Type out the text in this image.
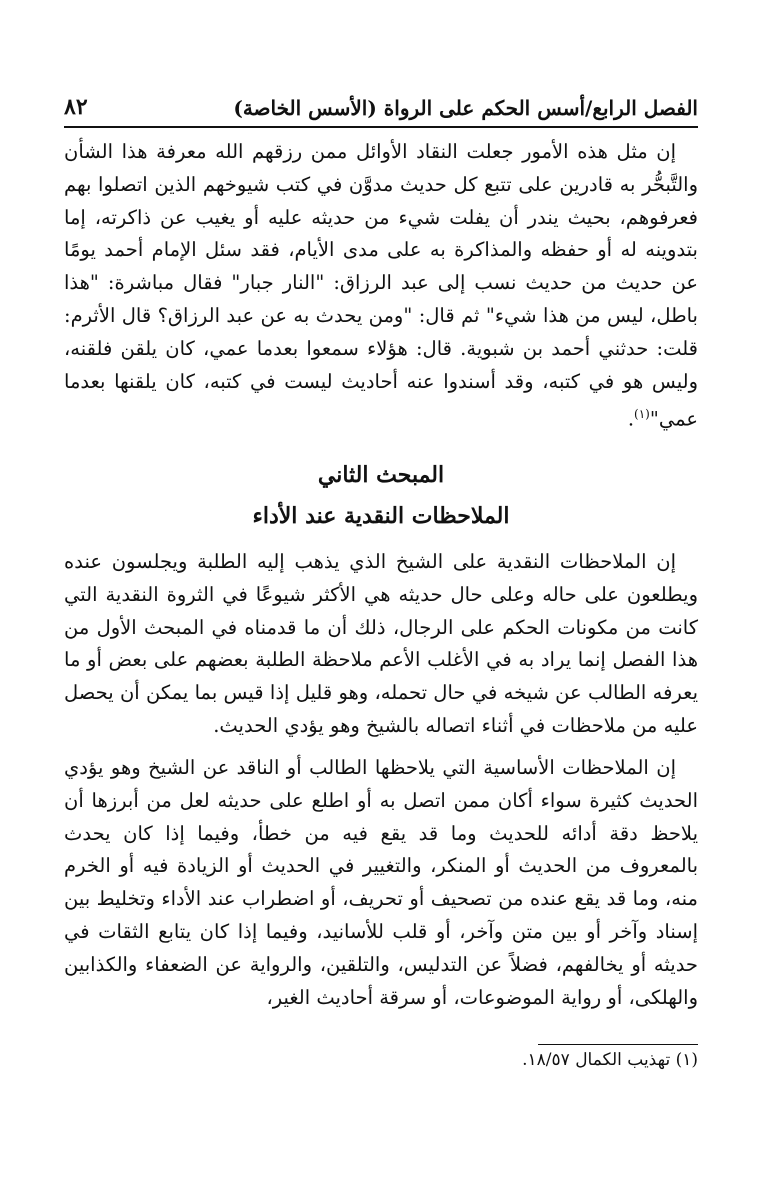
الفصل الرابع/أسس الحكم على الرواة (الأسس الخاصة)
٨٢

إن مثل هذه الأمور جعلت النقاد الأوائل ممن رزقهم الله معرفة هذا الشأن والتَّبحُّر به قادرين على تتبع كل حديث مدوَّن في كتب شيوخهم الذين اتصلوا بهم فعرفوهم، بحيث يندر أن يفلت شيء من حديثه عليه أو يغيب عن ذاكرته، إما بتدوينه له أو حفظه والمذاكرة به على مدى الأيام، فقد سئل الإمام أحمد يومًا عن حديث من حديث نسب إلى عبد الرزاق: "النار جبار" فقال مباشرة: "هذا باطل، ليس من هذا شيء" ثم قال: "ومن يحدث به عن عبد الرزاق؟ قال الأثرم: قلت: حدثني أحمد بن شبوية. قال: هؤلاء سمعوا بعدما عمي، كان يلقن فلقنه، وليس هو في كتبه، وقد أسندوا عنه أحاديث ليست في كتبه، كان يلقنها بعدما عمي"$^{(١)}$.

المبحث الثاني
الملاحظات النقدية عند الأداء

إن الملاحظات النقدية على الشيخ الذي يذهب إليه الطلبة ويجلسون عنده ويطلعون على حاله وعلى حال حديثه هي الأكثر شيوعًا في الثروة النقدية التي كانت من مكونات الحكم على الرجال، ذلك أن ما قدمناه في المبحث الأول من هذا الفصل إنما يراد به في الأغلب الأعم ملاحظة الطلبة بعضهم على بعض أو ما يعرفه الطالب عن شيخه في حال تحمله، وهو قليل إذا قيس بما يمكن أن يحصل عليه من ملاحظات في أثناء اتصاله بالشيخ وهو يؤدي الحديث.

إن الملاحظات الأساسية التي يلاحظها الطالب أو الناقد عن الشيخ وهو يؤدي الحديث كثيرة سواء أكان ممن اتصل به أو اطلع على حديثه لعل من أبرزها أن يلاحظ دقة أدائه للحديث وما قد يقع فيه من خطأ، وفيما إذا كان يحدث بالمعروف من الحديث أو المنكر، والتغيير في الحديث أو الزيادة فيه أو الخرم منه، وما قد يقع عنده من تصحيف أو تحريف، أو اضطراب عند الأداء وتخليط بين إسناد وآخر أو بين متن وآخر، أو قلب للأسانيد، وفيما إذا كان يتابع الثقات في حديثه أو يخالفهم، فضلاً عن التدليس، والتلقين، والرواية عن الضعفاء والكذابين والهلكى، أو رواية الموضوعات، أو سرقة أحاديث الغير،

(١) تهذيب الكمال ١٨/٥٧.
